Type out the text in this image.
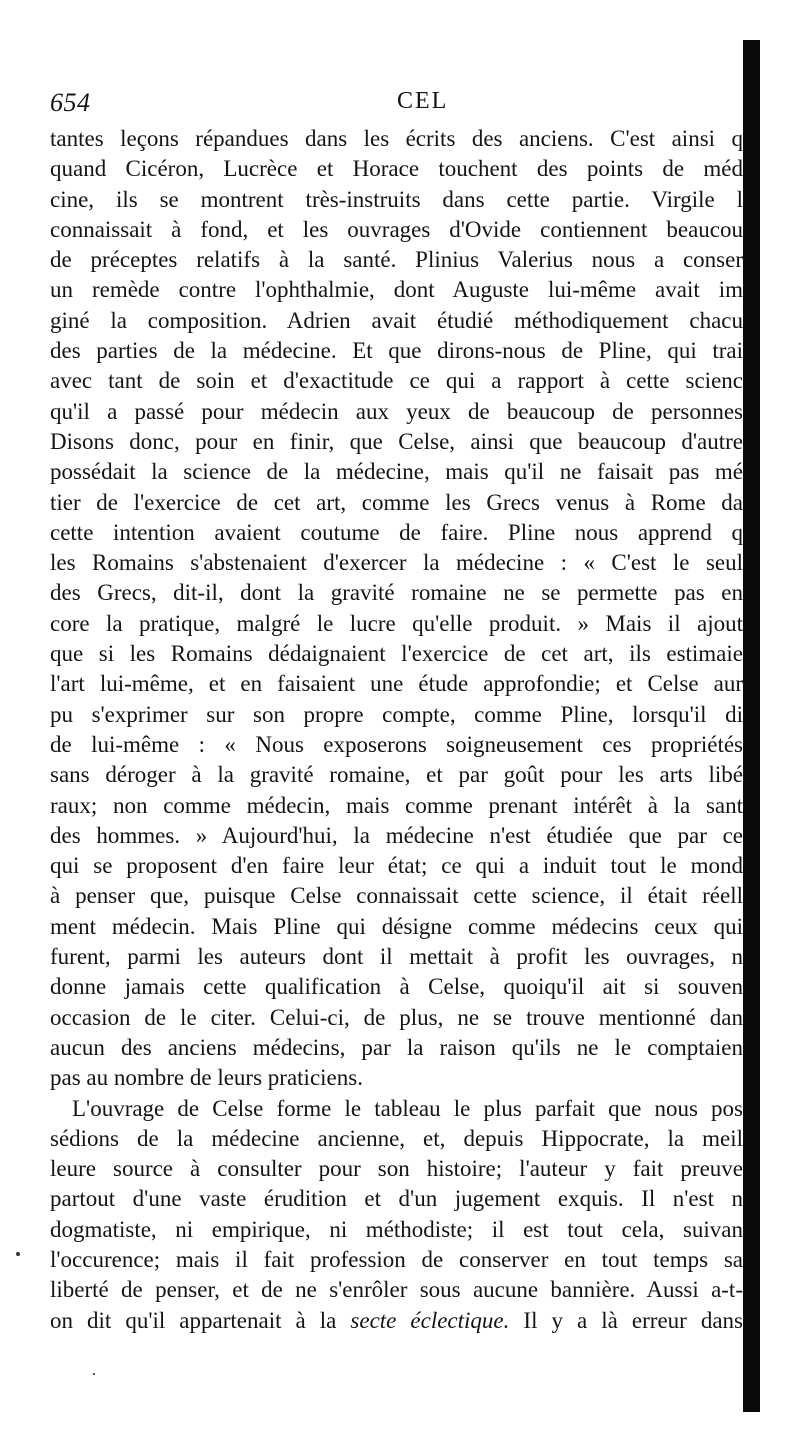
654	CEL
tantes leçons répandues dans les écrits des anciens. C'est ainsi q
quand Cicéron, Lucrèce et Horace touchent des points de méd
cine, ils se montrent très-instruits dans cette partie. Virgile l
connaissait à fond, et les ouvrages d'Ovide contiennent beaucou
de préceptes relatifs à la santé. Plinius Valerius nous a conser
un remède contre l'ophthalmie, dont Auguste lui-même avait im
giné la composition. Adrien avait étudié méthodiquement chacu
des parties de la médecine. Et que dirons-nous de Pline, qui trai
avec tant de soin et d'exactitude ce qui a rapport à cette scienc
qu'il a passé pour médecin aux yeux de beaucoup de personnes
Disons donc, pour en finir, que Celse, ainsi que beaucoup d'autre
possédait la science de la médecine, mais qu'il ne faisait pas mé
tier de l'exercice de cet art, comme les Grecs venus à Rome da
cette intention avaient coutume de faire. Pline nous apprend q
les Romains s'abstenaient d'exercer la médecine : « C'est le seul
des Grecs, dit-il, dont la gravité romaine ne se permette pas en
core la pratique, malgré le lucre qu'elle produit. » Mais il ajout
que si les Romains dédaignaient l'exercice de cet art, ils estimaie
l'art lui-même, et en faisaient une étude approfondie; et Celse aur
pu s'exprimer sur son propre compte, comme Pline, lorsqu'il di
de lui-même : « Nous exposerons soigneusement ces propriétés
sans déroger à la gravité romaine, et par goût pour les arts libé
raux; non comme médecin, mais comme prenant intérêt à la sant
des hommes. » Aujourd'hui, la médecine n'est étudiée que par ce
qui se proposent d'en faire leur état; ce qui a induit tout le mond
à penser que, puisque Celse connaissait cette science, il était réell
ment médecin. Mais Pline qui désigne comme médecins ceux qui
furent, parmi les auteurs dont il mettait à profit les ouvrages, n
donne jamais cette qualification à Celse, quoiqu'il ait si souven
occasion de le citer. Celui-ci, de plus, ne se trouve mentionné dan
aucun des anciens médecins, par la raison qu'ils ne le comptaien
pas au nombre de leurs praticiens.
L'ouvrage de Celse forme le tableau le plus parfait que nous pos
sédions de la médecine ancienne, et, depuis Hippocrate, la meil
leure source à consulter pour son histoire; l'auteur y fait preuve
partout d'une vaste érudition et d'un jugement exquis. Il n'est n
dogmatiste, ni empirique, ni méthodiste; il est tout cela, suivan
l'occurence; mais il fait profession de conserver en tout temps sa
liberté de penser, et de ne s'enrôler sous aucune bannière. Aussi a-t-
on dit qu'il appartenait à la secte éclectique. Il y a là erreur dans
